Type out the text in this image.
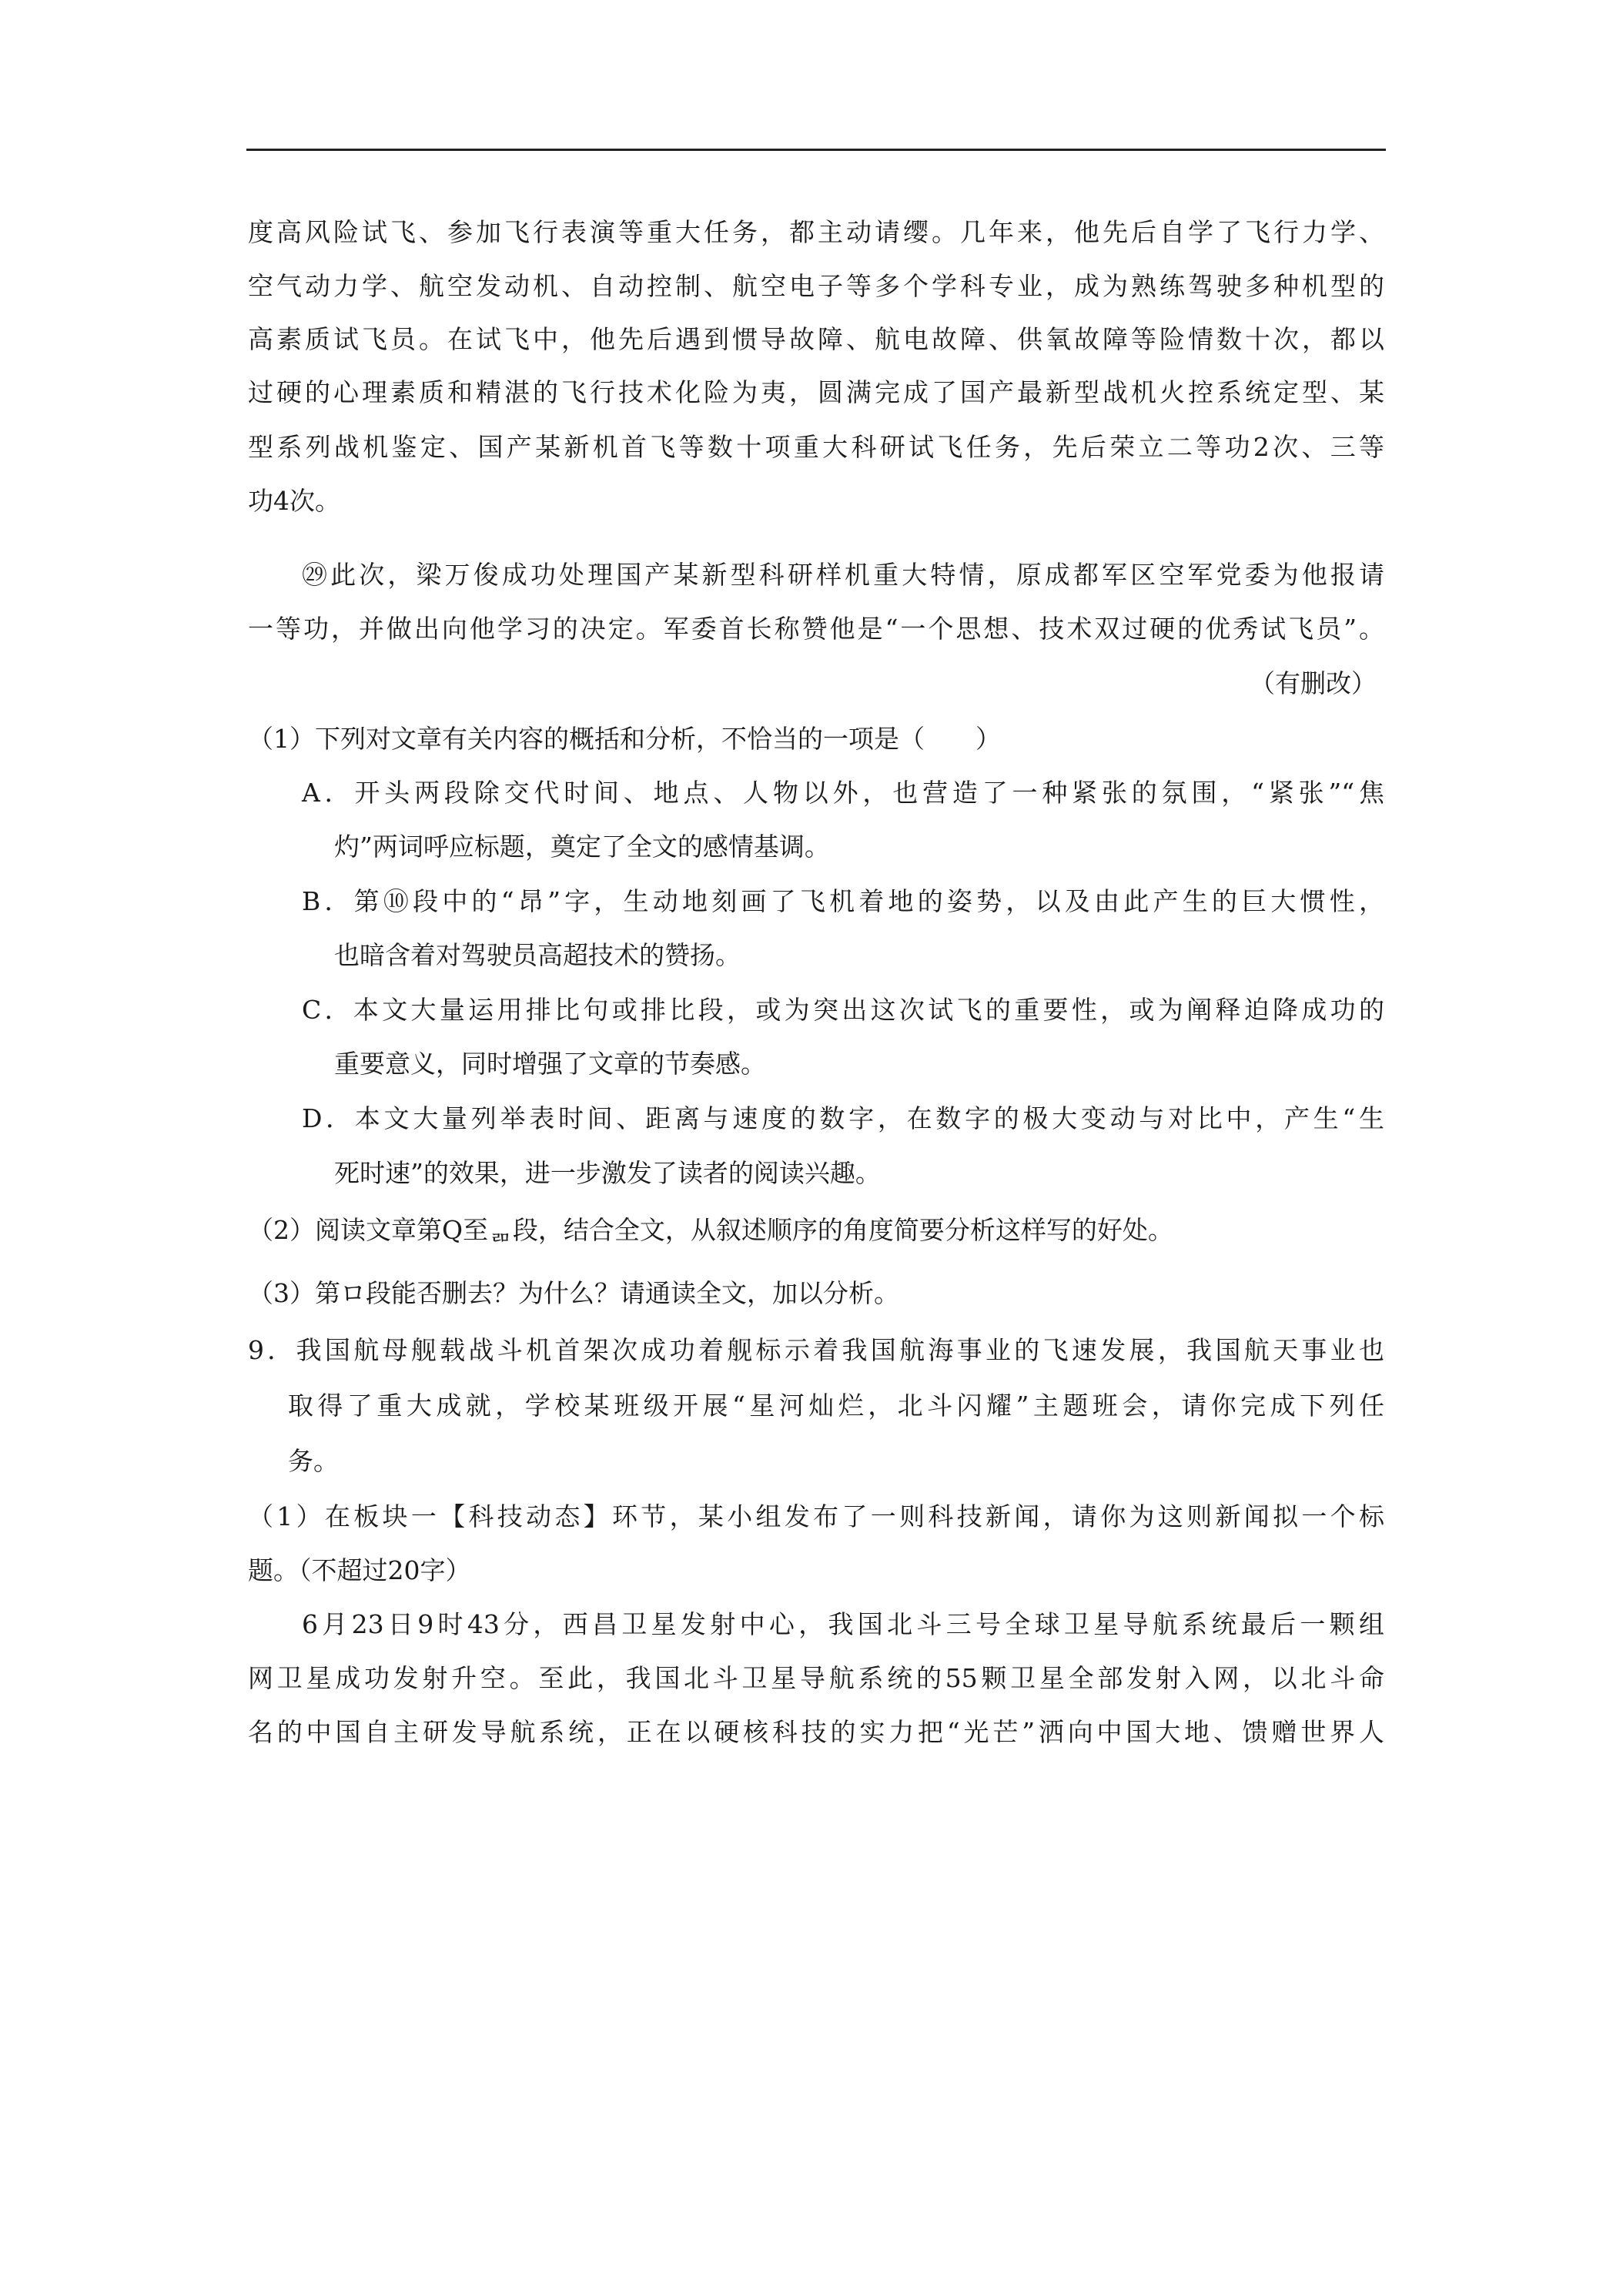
度高风险试飞、参加飞行表演等重大任务，都主动请缨。几年来，他先后自学了飞行力学、
空气动力学、航空发动机、自动控制、航空电子等多个学科专业，成为熟练驾驶多种机型的
高素质试飞员。在试飞中，他先后遇到惯导故障、航电故障、供氧故障等险情数十次，都以
过硬的心理素质和精湛的飞行技术化险为夷，圆满完成了国产最新型战机火控系统定型、某
型系列战机鉴定、国产某新机首飞等数十项重大科研试飞任务，先后荣立二等功2次、三等
功4次。
㉙此次，梁万俊成功处理国产某新型科研样机重大特情，原成都军区空军党委为他报请
一等功，并做出向他学习的决定。军委首长称赞他是“一个思想、技术双过硬的优秀试飞员”。
（有删改）
（1）下列对文章有关内容的概括和分析，不恰当的一项是（　　）
A．开头两段除交代时间、地点、人物以外，也营造了一种紧张的氛围，“紧张”“焦
灼”两词呼应标题，奠定了全文的感情基调。
B．第⑩段中的“昂”字，生动地刻画了飞机着地的姿势，以及由此产生的巨大惯性，
也暗含着对驾驶员高超技术的赞扬。
C．本文大量运用排比句或排比段，或为突出这次试飞的重要性，或为阐释迫降成功的
重要意义，同时增强了文章的节奏感。
D．本文大量列举表时间、距离与速度的数字，在数字的极大变动与对比中，产生“生
死时速”的效果，进一步激发了读者的阅读兴趣。
（2）阅读文章第Q至ᆱ段，结合全文，从叙述顺序的角度简要分析这样写的好处。
（3）第ロ段能否删去？为什么？请通读全文，加以分析。
9．我国航母舰载战斗机首架次成功着舰标示着我国航海事业的飞速发展，我国航天事业也
取得了重大成就，学校某班级开展“星河灿烂，北斗闪耀”主题班会，请你完成下列任
务。
（1）在板块一【科技动态】环节，某小组发布了一则科技新闻，请你为这则新闻拟一个标
题。（不超过20字）
6月23日9时43分，西昌卫星发射中心，我国北斗三号全球卫星导航系统最后一颗组
网卫星成功发射升空。至此，我国北斗卫星导航系统的55颗卫星全部发射入网，以北斗命
名的中国自主研发导航系统，正在以硬核科技的实力把“光芒”洒向中国大地、馈赠世界人
